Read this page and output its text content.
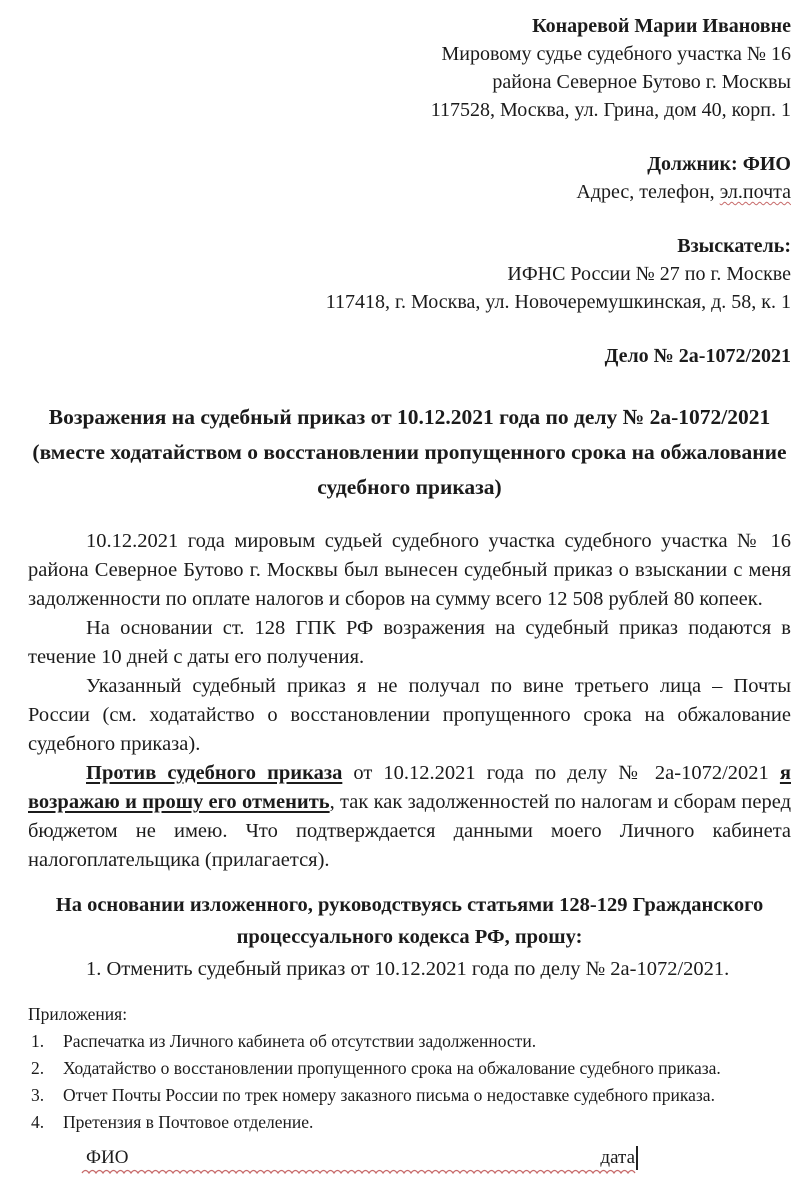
Конаревой Марии Ивановне
Мировому судье судебного участка № 16
района Северное Бутово г. Москвы
117528, Москва, ул. Грина, дом 40, корп. 1
Должник: ФИО
Адрес, телефон, эл.почта
Взыскатель:
ИФНС России № 27 по г. Москве
117418, г. Москва, ул. Новочеремушкинская, д. 58, к. 1
Дело № 2а-1072/2021
Возражения на судебный приказ от 10.12.2021 года по делу № 2а-1072/2021 (вместе ходатайством о восстановлении пропущенного срока на обжалование судебного приказа)

10.12.2021 года мировым судьей судебного участка судебного участка № 16 района Северное Бутово г. Москвы был вынесен судебный приказ о взыскании с меня задолженности по оплате налогов и сборов на сумму всего 12 508 рублей 80 копеек.

На основании ст. 128 ГПК РФ возражения на судебный приказ подаются в течение 10 дней с даты его получения.

Указанный судебный приказ я не получал по вине третьего лица – Почты России (см. ходатайство о восстановлении пропущенного срока на обжалование судебного приказа).

Против судебного приказа от 10.12.2021 года по делу № 2а-1072/2021 я возражаю и прошу его отменить, так как задолженностей по налогам и сборам перед бюджетом не имею. Что подтверждается данными моего Личного кабинета налогоплательщика (прилагается).

На основании изложенного, руководствуясь статьями 128-129 Гражданского процессуального кодекса РФ, прошу:
1. Отменить судебный приказ от 10.12.2021 года по делу № 2а-1072/2021.

Приложения:

1.	Распечатка из Личного кабинета об отсутствии задолженности.
2.	Ходатайство о восстановлении пропущенного срока на обжалование судебного приказа.
3.	Отчет Почты России по трек номеру заказного письма о недоставке судебного приказа.
4.	Претензия в Почтовое отделение.
ФИО	дата
